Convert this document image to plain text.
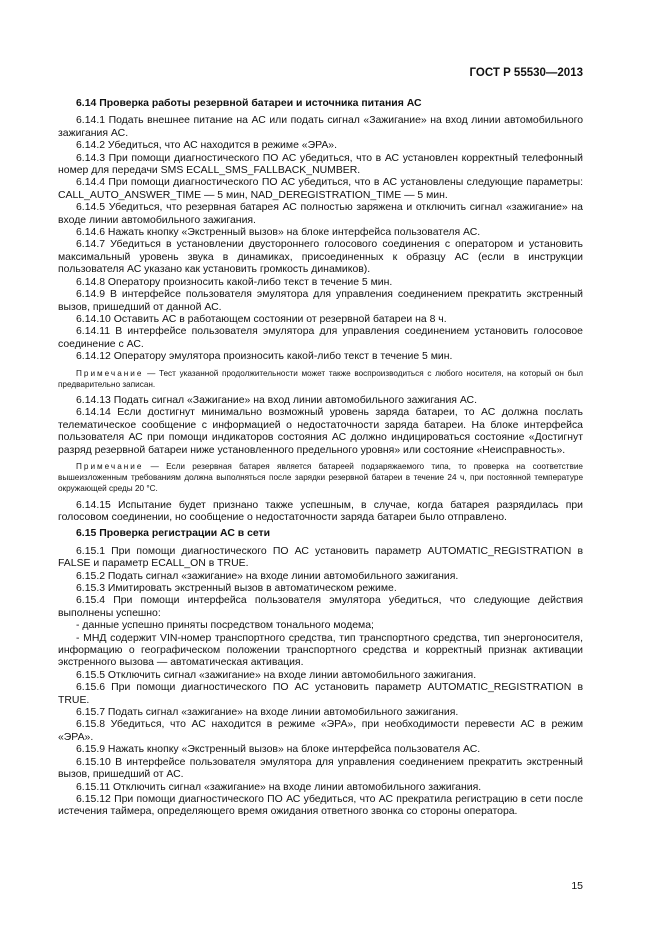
ГОСТ Р 55530—2013

6.14 Проверка работы резервной батареи и источника питания АС

6.14.1 Подать внешнее питание на АС или подать сигнал «Зажигание» на вход линии автомобильного зажигания АС.

6.14.2 Убедиться, что АС находится в режиме «ЭРА».

6.14.3 При помощи диагностического ПО АС убедиться, что в АС установлен корректный телефонный номер для передачи SMS ECALL_SMS_FALLBACK_NUMBER.

6.14.4 При помощи диагностического ПО АС убедиться, что в АС установлены следующие параметры: CALL_AUTO_ANSWER_TIME — 5 мин, NAD_DEREGISTRATION_TIME — 5 мин.

6.14.5 Убедиться, что резервная батарея АС полностью заряжена и отключить сигнал «зажигание» на входе линии автомобильного зажигания.

6.14.6 Нажать кнопку «Экстренный вызов» на блоке интерфейса пользователя АС.

6.14.7 Убедиться в установлении двустороннего голосового соединения с оператором и установить максимальный уровень звука в динамиках, присоединенных к образцу АС (если в инструкции пользователя АС указано как установить громкость динамиков).

6.14.8 Оператору произносить какой-либо текст в течение 5 мин.

6.14.9 В интерфейсе пользователя эмулятора для управления соединением прекратить экстренный вызов, пришедший от данной АС.

6.14.10 Оставить АС в работающем состоянии от резервной батареи на 8 ч.

6.14.11 В интерфейсе пользователя эмулятора для управления соединением установить голосовое соединение с АС.

6.14.12 Оператору эмулятора произносить какой-либо текст в течение 5 мин.

Примечание — Тест указанной продолжительности может также воспроизводиться с любого носителя, на который он был предварительно записан.

6.14.13 Подать сигнал «Зажигание» на вход линии автомобильного зажигания АС.

6.14.14 Если достигнут минимально возможный уровень заряда батареи, то АС должна послать телематическое сообщение с информацией о недостаточности заряда батареи. На блоке интерфейса пользователя АС при помощи индикаторов состояния АС должно индицироваться состояние «Достигнут разряд резервной батареи ниже установленного предельного уровня» или состояние «Неисправность».

Примечание — Если резервная батарея является батареей подзаряжаемого типа, то проверка на соответствие вышеизложенным требованиям должна выполняться после зарядки резервной батареи в течение 24 ч, при постоянной температуре окружающей среды 20 °С.

6.14.15 Испытание будет признано также успешным, в случае, когда батарея разрядилась при голосовом соединении, но сообщение о недостаточности заряда батареи было отправлено.

6.15 Проверка регистрации АС в сети

6.15.1 При помощи диагностического ПО АС установить параметр AUTOMATIC_REGISTRATION в FALSE и параметр ECALL_ON в TRUE.

6.15.2 Подать сигнал «зажигание» на входе линии автомобильного зажигания.

6.15.3 Имитировать экстренный вызов в автоматическом режиме.

6.15.4 При помощи интерфейса пользователя эмулятора убедиться, что следующие действия выполнены успешно:

- данные успешно приняты посредством тонального модема;

- МНД содержит VIN-номер транспортного средства, тип транспортного средства, тип энергоносителя, информацию о географическом положении транспортного средства и корректный признак активации экстренного вызова — автоматическая активация.

6.15.5 Отключить сигнал «зажигание» на входе линии автомобильного зажигания.

6.15.6 При помощи диагностического ПО АС установить параметр AUTOMATIC_REGISTRATION в TRUE.

6.15.7 Подать сигнал «зажигание» на входе линии автомобильного зажигания.

6.15.8 Убедиться, что АС находится в режиме «ЭРА», при необходимости перевести АС в режим «ЭРА».

6.15.9 Нажать кнопку «Экстренный вызов» на блоке интерфейса пользователя АС.

6.15.10 В интерфейсе пользователя эмулятора для управления соединением прекратить экстренный вызов, пришедший от АС.

6.15.11 Отключить сигнал «зажигание» на входе линии автомобильного зажигания.

6.15.12 При помощи диагностического ПО АС убедиться, что АС прекратила регистрацию в сети после истечения таймера, определяющего время ожидания ответного звонка со стороны оператора.

15
